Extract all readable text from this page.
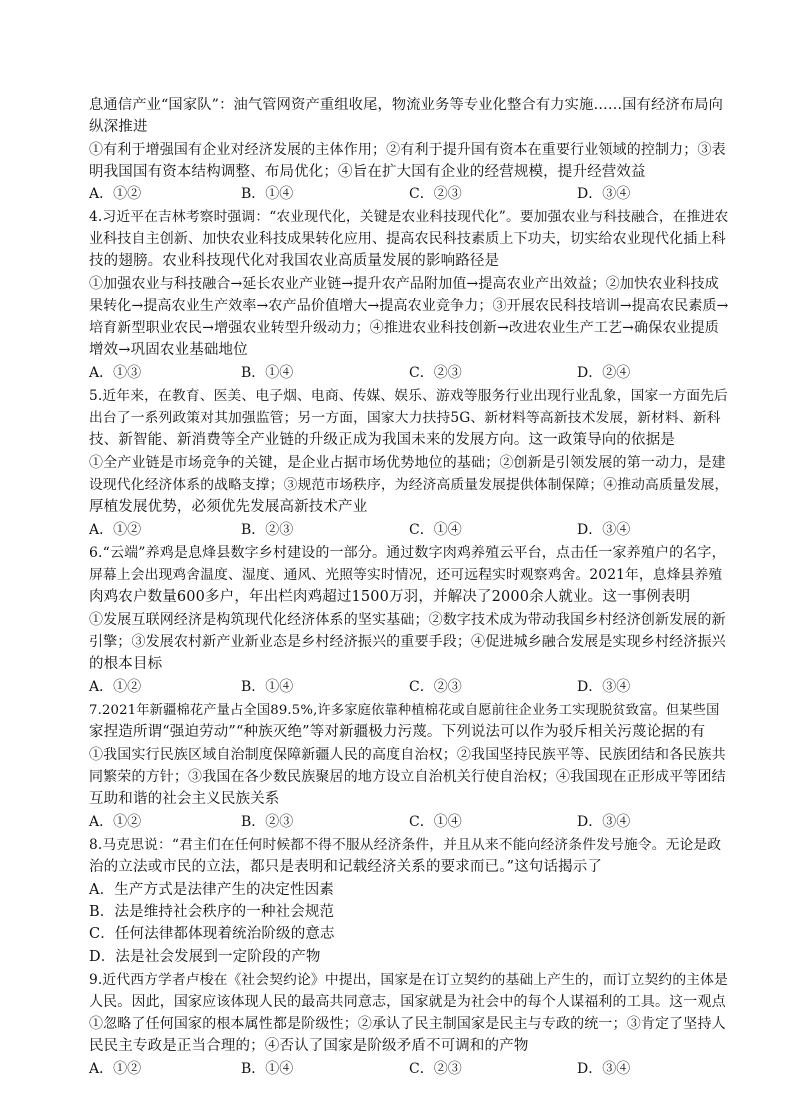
息通信产业“国家队”：油气管网资产重组收尾，物流业务等专业化整合有力实施……国有经济布局向
纵深推进
①有利于增强国有企业对经济发展的主体作用；②有利于提升国有资本在重要行业领域的控制力；③表
明我国国有资本结构调整、布局优化；④旨在扩大国有企业的经营规模，提升经营效益
A．①②	B．①④	C．②③	D．③④
4.习近平在吉林考察时强调：“农业现代化，关键是农业科技现代化”。要加强农业与科技融合，在推进农
业科技自主创新、加快农业科技成果转化应用、提高农民科技素质上下功夫，切实给农业现代化插上科
技的翅膀。农业科技现代化对我国农业高质量发展的影响路径是
①加强农业与科技融合→延长农业产业链→提升农产品附加值→提高农业产出效益；②加快农业科技成
果转化→提高农业生产效率→农产品价值增大→提高农业竞争力；③开展农民科技培训→提高农民素质→
培育新型职业农民→增强农业转型升级动力；④推进农业科技创新→改进农业生产工艺→确保农业提质
增效→巩固农业基础地位
A．①③	B．①④	C．②③	D．②④
5.近年来，在教育、医美、电子烟、电商、传媒、娱乐、游戏等服务行业出现行业乱象，国家一方面先后
出台了一系列政策对其加强监管；另一方面，国家大力扶持5G、新材料等高新技术发展，新材料、新科
技、新智能、新消费等全产业链的升级正成为我国未来的发展方向。这一政策导向的依据是
①全产业链是市场竞争的关键，是企业占据市场优势地位的基础；②创新是引领发展的第一动力，是建
设现代化经济体系的战略支撑；③规范市场秩序，为经济高质量发展提供体制保障；④推动高质量发展，
厚植发展优势，必须优先发展高新技术产业
A．①②	B．②③	C．①④	D．③④
6.“云端”养鸡是息烽县数字乡村建设的一部分。通过数字肉鸡养殖云平台，点击任一家养殖户的名字，
屏幕上会出现鸡舍温度、湿度、通风、光照等实时情况，还可远程实时观察鸡舍。2021年，息烽县养殖
肉鸡农户数量600多户，年出栏肉鸡超过1500万羽，并解决了2000余人就业。这一事例表明
①发展互联网经济是构筑现代化经济体系的坚实基础；②数字技术成为带动我国乡村经济创新发展的新
引擎；③发展农村新产业新业态是乡村经济振兴的重要手段；④促进城乡融合发展是实现乡村经济振兴
的根本目标
A．①②	B．①④	C．②③	D．③④
7.2021年新疆棉花产量占全国89.5%,许多家庭依靠种植棉花或自愿前往企业务工实现脱贫致富。但某些国
家捏造所谓“强迫劳动”“种族灭绝”等对新疆极力污蔑。下列说法可以作为驳斥相关污蔑论据的有
①我国实行民族区域自治制度保障新疆人民的高度自治权；②我国坚持民族平等、民族团结和各民族共
同繁荣的方针；③我国在各少数民族聚居的地方设立自治机关行使自治权；④我国现在正形成平等团结
互助和谐的社会主义民族关系
A．①②	B．②③	C．①④	D．③④
8.马克思说：“君主们在任何时候都不得不服从经济条件，并且从来不能向经济条件发号施令。无论是政
治的立法或市民的立法，都只是表明和记载经济关系的要求而已。”这句话揭示了
A．生产方式是法律产生的决定性因素
B．法是维持社会秩序的一种社会规范
C．任何法律都体现着统治阶级的意志
D．法是社会发展到一定阶段的产物
9.近代西方学者卢梭在《社会契约论》中提出，国家是在订立契约的基础上产生的，而订立契约的主体是
人民。因此，国家应该体现人民的最高共同意志，国家就是为社会中的每个人谋福利的工具。这一观点
①忽略了任何国家的根本属性都是阶级性；②承认了民主制国家是民主与专政的统一；③肯定了坚持人
民民主专政是正当合理的；④否认了国家是阶级矛盾不可调和的产物
A．①②	B．①④	C．②③	D．③④
